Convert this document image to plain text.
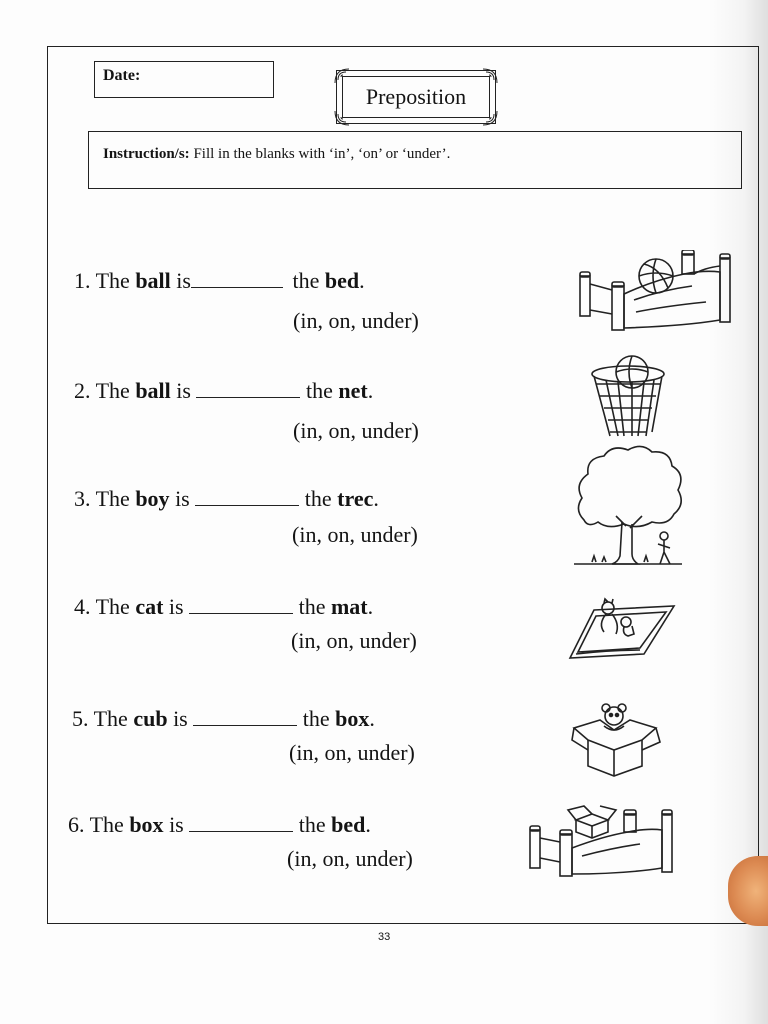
Date:
Preposition
Instruction/s: Fill in the blanks with ‘in’, ‘on’ or ‘under’.
1. The ball is	the bed.
(in, on, under)
2. The ball is	the net.
(in, on, under)
3. The boy is	the trec.
(in, on, under)
4. The cat is	the mat.
(in, on, under)
5. The cub is	the box.
(in, on, under)
6. The box is	the bed.
(in, on, under)
33
